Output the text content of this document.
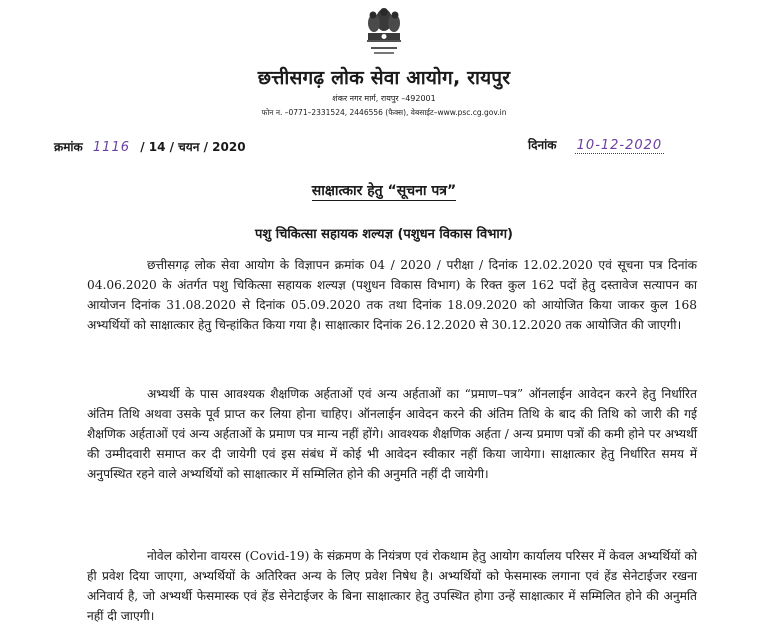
छत्तीसगढ़ लोक सेवा आयोग, रायपुर
शंकर नगर मार्ग, रायपुर –492001
फोन न. –0771–2331524, 2446556 (फैक्स), वेबसाईट–www.psc.cg.gov.in
क्रमांक 1116 / 14 / चयन / 2020	दिनांक 10-12-2020
साक्षात्कार हेतु “सूचना पत्र”
पशु चिकित्सा सहायक शल्यज्ञ (पशुधन विकास विभाग)
छत्तीसगढ़ लोक सेवा आयोग के विज्ञापन क्रमांक 04 / 2020 / परीक्षा / दिनांक 12.02.2020 एवं सूचना पत्र दिनांक 04.06.2020 के अंतर्गत पशु चिकित्सा सहायक शल्यज्ञ (पशुधन विकास विभाग) के रिक्त कुल 162 पदों हेतु दस्तावेज सत्यापन का आयोजन दिनांक 31.08.2020 से दिनांक 05.09.2020 तक तथा दिनांक 18.09.2020 को आयोजित किया जाकर कुल 168 अभ्यर्थियों को साक्षात्कार हेतु चिन्हांकित किया गया है। साक्षात्कार दिनांक 26.12.2020 से 30.12.2020 तक आयोजित की जाएगी।
अभ्यर्थी के पास आवश्यक शैक्षणिक अर्हताओं एवं अन्य अर्हताओं का “प्रमाण–पत्र” ऑनलाईन आवेदन करने हेतु निर्धारित अंतिम तिथि अथवा उसके पूर्व प्राप्त कर लिया होना चाहिए। ऑनलाईन आवेदन करने की अंतिम तिथि के बाद की तिथि को जारी की गई शैक्षणिक अर्हताओं एवं अन्य अर्हताओं के प्रमाण पत्र मान्य नहीं होंगे। आवश्यक शैक्षणिक अर्हता / अन्य प्रमाण पत्रों की कमी होने पर अभ्यर्थी की उम्मीदवारी समाप्त कर दी जायेगी एवं इस संबंध में कोई भी आवेदन स्वीकार नहीं किया जायेगा। साक्षात्कार हेतु निर्धारित समय में अनुपस्थित रहने वाले अभ्यर्थियों को साक्षात्कार में सम्मिलित होने की अनुमति नहीं दी जायेगी।
नोवेल कोरोना वायरस (Covid-19) के संक्रमण के नियंत्रण एवं रोकथाम हेतु आयोग कार्यालय परिसर में केवल अभ्यर्थियों को ही प्रवेश दिया जाएगा, अभ्यर्थियों के अतिरिक्त अन्य के लिए प्रवेश निषेध है। अभ्यर्थियों को फेसमास्क लगाना एवं हेंड सेनेटाईजर रखना अनिवार्य है, जो अभ्यर्थी फेसमास्क एवं हेंड सेनेटाईजर के बिना साक्षात्कार हेतु उपस्थित होगा उन्हें साक्षात्कार में सम्मिलित होने की अनुमति नहीं दी जाएगी।
